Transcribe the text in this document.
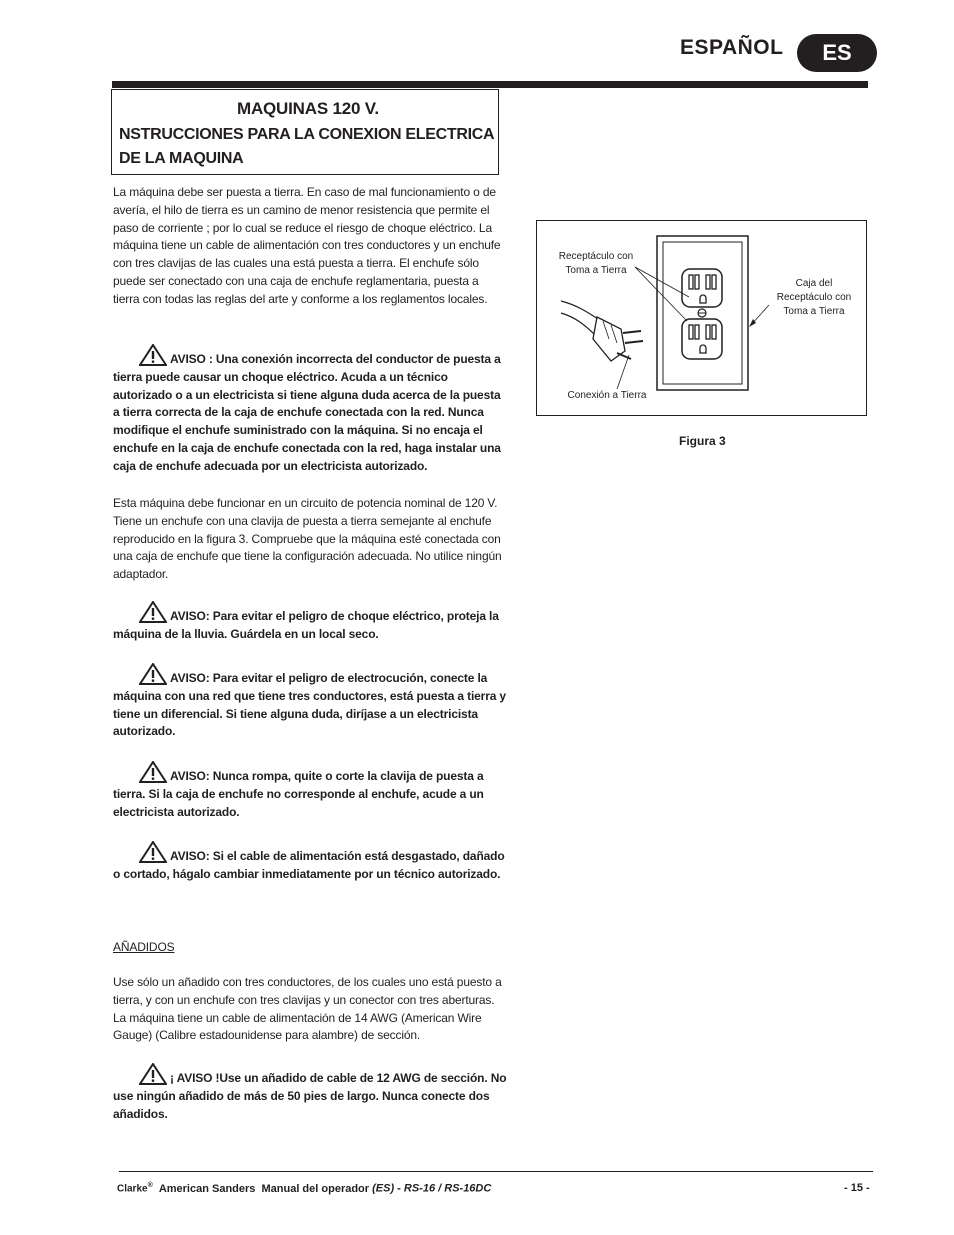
ESPAÑOL	ES
MAQUINAS 120 V.
NSTRUCCIONES PARA LA CONEXION ELECTRICA DE LA MAQUINA
La máquina debe ser puesta a tierra. En caso de mal funcionamiento o de avería, el hilo de tierra es un camino de menor resistencia que permite el paso de corriente ; por lo cual se reduce el riesgo de choque eléctrico. La máquina tiene un cable de alimentación con tres conductores y un enchufe con tres clavijas de las cuales una está puesta a tierra. El enchufe sólo puede ser conectado con una caja de enchufe reglamentaria, puesta a tierra con todas las reglas del arte y conforme a los reglamentos locales.
AVISO : Una conexión incorrecta del conductor de puesta a tierra puede causar un choque eléctrico. Acuda a un técnico autorizado o a un electricista si tiene alguna duda acerca de la puesta a tierra correcta de la caja de enchufe conectada con la red. Nunca modifique el enchufe suministrado con la máquina. Si no encaja el enchufe en la caja de enchufe conectada con la red, haga instalar una caja de enchufe adecuada por un electricista autorizado.
Esta máquina debe funcionar en un circuito de potencia nominal de 120 V. Tiene un enchufe con una clavija de puesta a tierra semejante al enchufe reproducido en la figura 3. Compruebe que la máquina esté conectada con una caja de enchufe que tiene la configuración adecuada. No utilice ningún adaptador.
AVISO: Para evitar el peligro de choque eléctrico, proteja la máquina de la lluvia. Guárdela en un local seco.
AVISO: Para evitar el peligro de electrocución, conecte la máquina con una red que tiene tres conductores, está puesta a tierra y tiene un diferencial. Si tiene alguna duda, diríjase a un electricista autorizado.
AVISO: Nunca rompa, quite o corte la clavija de puesta a tierra. Si la caja de enchufe no corresponde al enchufe, acude a un electricista autorizado.
AVISO: Si el cable de alimentación está desgastado, dañado o cortado, hágalo cambiar inmediatamente por un técnico autorizado.
AÑADIDOS
Use sólo un añadido con tres conductores, de los cuales uno está puesto a tierra, y con un enchufe con tres clavijas y un conector con tres aberturas. La máquina tiene un cable de alimentación de 14 AWG (American Wire Gauge) (Calibre estadounidense para alambre) de sección.
¡ AVISO !Use un añadido de cable de 12 AWG de sección. No use ningún añadido de más de 50 pies de largo. Nunca conecte dos añadidos.
Receptáculo con Toma a Tierra
Caja del Receptáculo con Toma a Tierra
Conexión a Tierra
Figura 3
Clarke® American Sanders Manual del operador (ES) - RS-16 / RS-16DC	- 15 -
